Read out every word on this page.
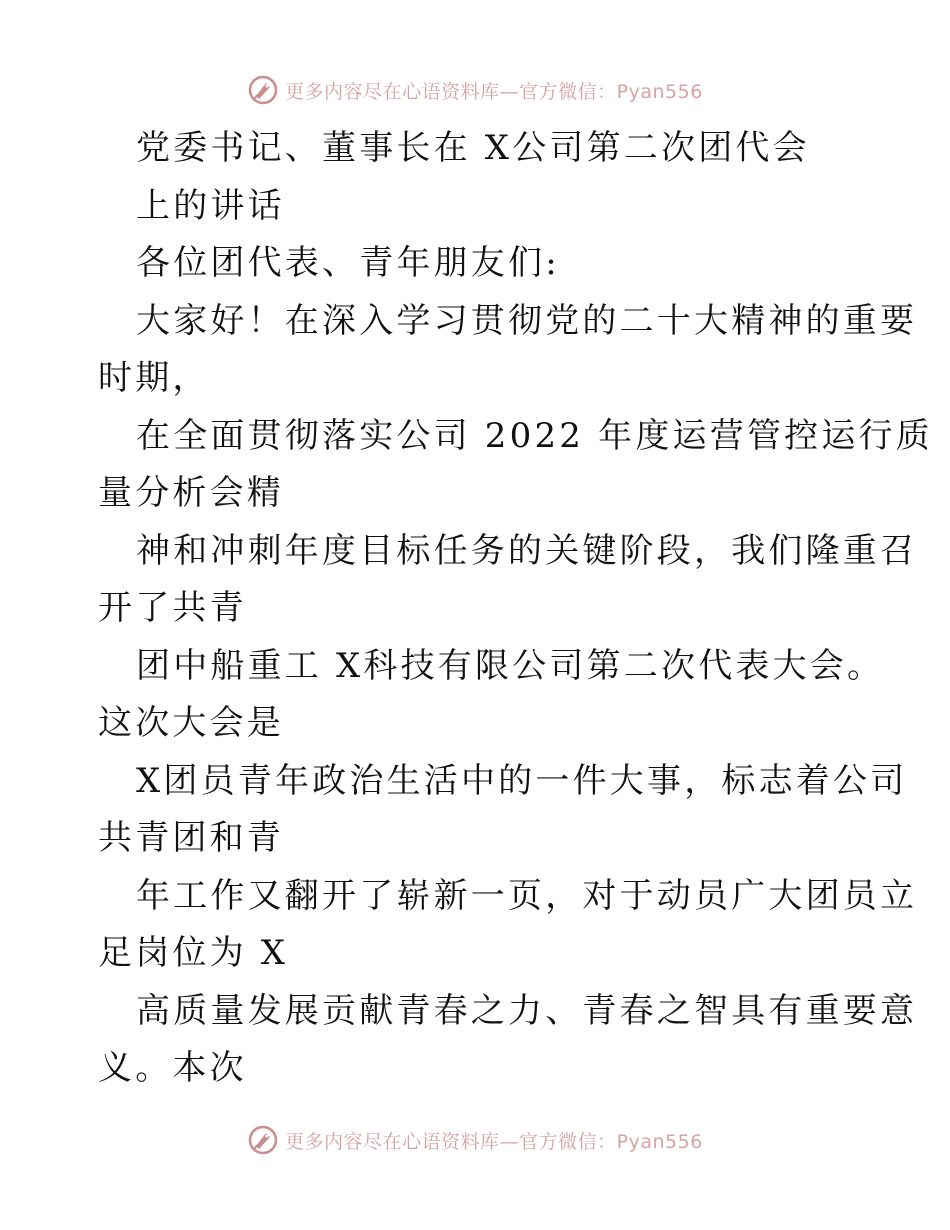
更多内容尽在心语资料库—官方微信：Pyan556

党委书记、董事长在 X公司第二次团代会

上的讲话

各位团代表、青年朋友们:

大家好！在深入学习贯彻党的二十大精神的重要

时期，

在全面贯彻落实公司 2022 年度运营管控运行质

量分析会精

神和冲刺年度目标任务的关键阶段，我们隆重召

开了共青

团中船重工 X科技有限公司第二次代表大会。

这次大会是

X团员青年政治生活中的一件大事，标志着公司

共青团和青

年工作又翻开了崭新一页，对于动员广大团员立

足岗位为 X

高质量发展贡献青春之力、青春之智具有重要意

义。本次

更多内容尽在心语资料库—官方微信：Pyan556
